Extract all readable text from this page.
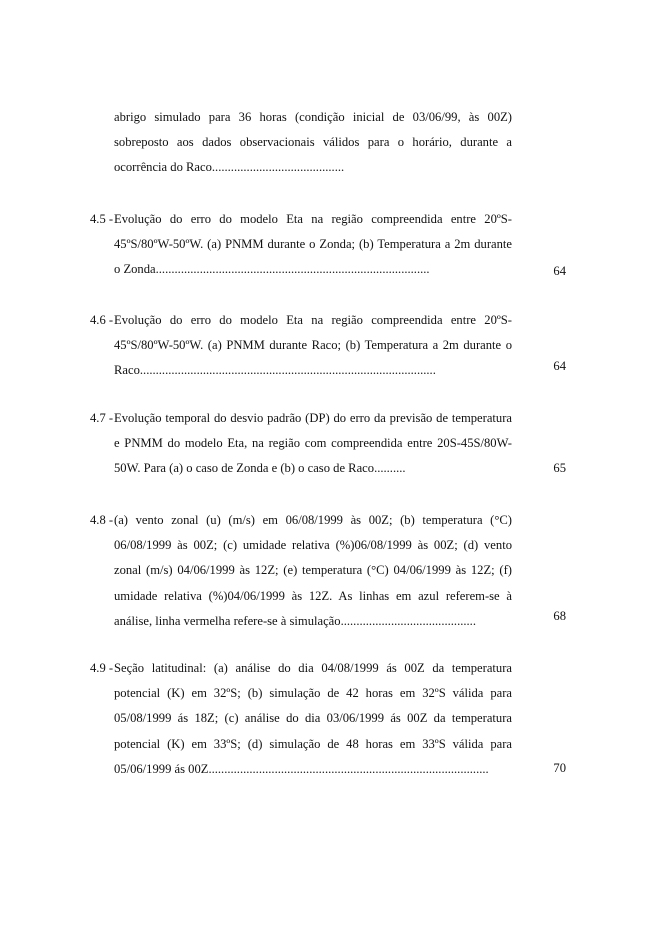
abrigo simulado para 36 horas (condição inicial de 03/06/99, às 00Z) sobreposto aos dados observacionais válidos para o horário, durante a ocorrência do Raco..........................................
4.5 - Evolução do erro do modelo Eta na região compreendida entre 20ºS-45ºS/80ºW-50ºW. (a) PNMM durante o Zonda; (b) Temperatura a 2m durante o Zonda.......................................................................................	64
4.6 - Evolução do erro do modelo Eta na região compreendida entre 20ºS-45ºS/80ºW-50ºW. (a) PNMM durante Raco; (b) Temperatura a 2m durante o Raco..............................................................................................	64
4.7 - Evolução temporal do desvio padrão (DP) do erro da previsão de temperatura e PNMM do modelo Eta, na região com compreendida entre 20S-45S/80W-50W. Para (a) o caso de Zonda e (b) o caso de Raco..........	65
4.8 - (a) vento zonal (u) (m/s) em 06/08/1999 às 00Z; (b) temperatura (°C) 06/08/1999 às 00Z; (c) umidade relativa (%)06/08/1999 às 00Z; (d) vento zonal (m/s) 04/06/1999 às 12Z; (e) temperatura (°C) 04/06/1999 às 12Z; (f) umidade relativa (%)04/06/1999 às 12Z. As linhas em azul referem-se à análise, linha vermelha refere-se à simulação...........................................	68
4.9 - Seção latitudinal: (a) análise do dia 04/08/1999 ás 00Z da temperatura potencial (K) em 32ºS; (b) simulação de 42 horas em 32ºS válida para 05/08/1999 ás 18Z; (c) análise do dia 03/06/1999 ás 00Z da temperatura potencial (K) em 33ºS; (d) simulação de 48 horas em 33ºS válida para 05/06/1999 ás 00Z.........................................................................................	70
